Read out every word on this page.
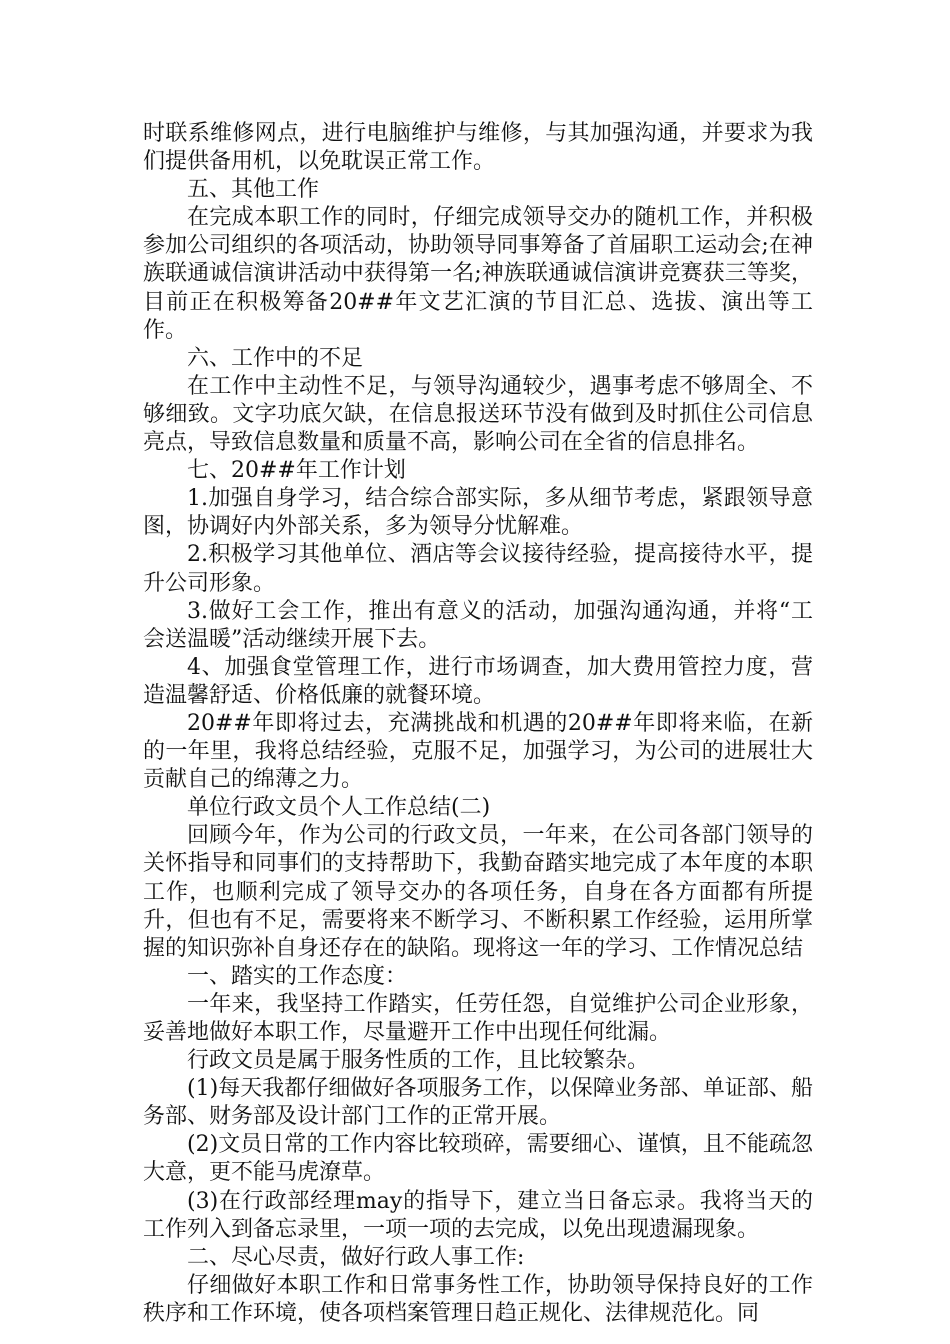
时联系维修网点，进行电脑维护与维修，与其加强沟通，并要求为我们提供备用机，以免耽误正常工作。

五、其他工作

在完成本职工作的同时，仔细完成领导交办的随机工作，并积极参加公司组织的各项活动，协助领导同事筹备了首届职工运动会;在神族联通诚信演讲活动中获得第一名;神族联通诚信演讲竞赛获三等奖，目前正在积极筹备20##年文艺汇演的节目汇总、选拔、演出等工作。

六、工作中的不足

在工作中主动性不足，与领导沟通较少，遇事考虑不够周全、不够细致。文字功底欠缺，在信息报送环节没有做到及时抓住公司信息亮点，导致信息数量和质量不高，影响公司在全省的信息排名。

七、20##年工作计划

1.加强自身学习，结合综合部实际，多从细节考虑，紧跟领导意图，协调好内外部关系，多为领导分忧解难。

2.积极学习其他单位、酒店等会议接待经验，提高接待水平，提升公司形象。

3.做好工会工作，推出有意义的活动，加强沟通沟通，并将“工会送温暖”活动继续开展下去。

4、加强食堂管理工作，进行市场调查，加大费用管控力度，营造温馨舒适、价格低廉的就餐环境。

20##年即将过去，充满挑战和机遇的20##年即将来临，在新的一年里，我将总结经验，克服不足，加强学习，为公司的进展壮大贡献自己的绵薄之力。

单位行政文员个人工作总结(二)

回顾今年，作为公司的行政文员，一年来，在公司各部门领导的关怀指导和同事们的支持帮助下，我勤奋踏实地完成了本年度的本职工作，也顺利完成了领导交办的各项任务，自身在各方面都有所提升，但也有不足，需要将来不断学习、不断积累工作经验，运用所掌握的知识弥补自身还存在的缺陷。现将这一年的学习、工作情况总结

一、踏实的工作态度：

一年来，我坚持工作踏实，任劳任怨，自觉维护公司企业形象，妥善地做好本职工作，尽量避开工作中出现任何纰漏。

行政文员是属于服务性质的工作，且比较繁杂。

(1)每天我都仔细做好各项服务工作，以保障业务部、单证部、船务部、财务部及设计部门工作的正常开展。

(2)文员日常的工作内容比较琐碎，需要细心、谨慎，且不能疏忽大意，更不能马虎潦草。

(3)在行政部经理may的指导下，建立当日备忘录。我将当天的工作列入到备忘录里，一项一项的去完成，以免出现遗漏现象。

二、尽心尽责，做好行政人事工作:

仔细做好本职工作和日常事务性工作，协助领导保持良好的工作秩序和工作环境，使各项档案管理日趋正规化、法律规范化。同
